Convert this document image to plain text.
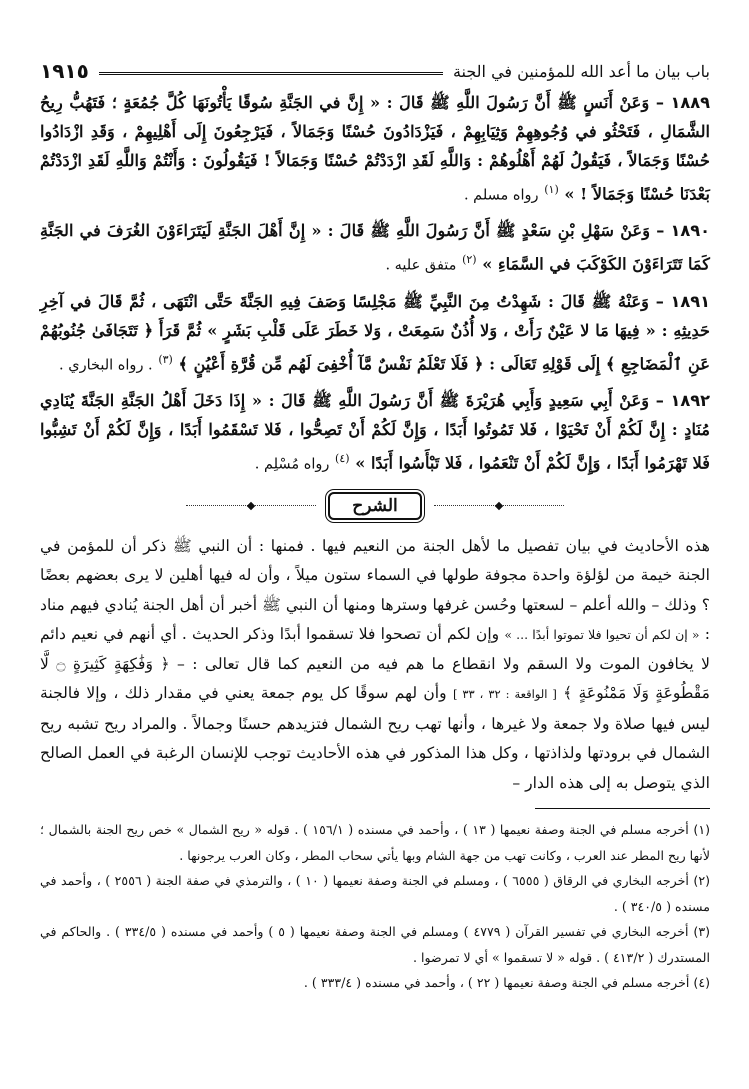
باب بيان ما أعد الله للمؤمنين في الجنة
١٩١٥

١٨٨٩ – وَعَنْ أَنَسٍ ﷺ أَنَّ رَسُولَ اللَّهِ ﷺ قَالَ : « إِنَّ في الجَنَّةِ سُوقًا يَأْتُونَهَا كُلَّ جُمُعَةٍ ؛ فَتَهُبُّ رِيحُ الشَّمَالِ ، فَتَحْثُو في وُجُوهِهِمْ وَثِيَابِهِمْ ، فَيَزْدَادُونَ حُسْنًا وَجَمَالاً ، فَيَرْجِعُونَ إِلَى أَهْلِيهِمْ ، وَقَدِ ازْدَادُوا حُسْنًا وَجَمَالاً ، فَيَقُولُ لَهُمْ أَهْلُوهُمْ : وَاللَّهِ لَقَدِ ازْدَدْتُمْ حُسْنًا وَجَمَالاً ! فَيَقُولُونَ : وَأَنْتُمْ وَاللَّهِ لَقَدِ ازْدَدْتُمْ بَعْدَنَا حُسْنًا وَجَمَالاً ! » $^{(١)}$ رواه مسلم .

١٨٩٠ – وَعَنْ سَهْلِ بْنِ سَعْدٍ ﷺ أَنَّ رَسُولَ اللَّهِ ﷺ قَالَ : « إِنَّ أَهْلَ الجَنَّةِ لَيَتَرَاءَوْنَ الغُرَفَ في الجَنَّةِ كَمَا تَتَرَاءَوْنَ الكَوْكَبَ في السَّمَاءِ » $^{(٢)}$ متفق عليه .

١٨٩١ – وَعَنْهُ ﷺ قَالَ : شَهِدْتُ مِنَ النَّبِيِّ ﷺ مَجْلِسًا وَصَفَ فِيهِ الجَنَّةَ حَتَّى انْتَهَى ، ثُمَّ قَالَ في آخِرِ حَدِيثِهِ : « فِيهَا مَا لا عَيْنٌ رَأَتْ ، وَلا أُذُنٌ سَمِعَتْ ، وَلا خَطَرَ عَلَى قَلْبِ بَشَرٍ » ثُمَّ قَرَأَ ﴿ تَتَجَافَىٰ جُنُوبُهُمْ عَنِ ٱلْمَضَاجِعِ ﴾ إِلَى قَوْلِهِ تَعَالَى : ﴿ فَلَا تَعْلَمُ نَفْسٌ مَّآ أُخْفِىَ لَهُم مِّن قُرَّةِ أَعْيُنٍ ﴾ $^{(٣)}$ . رواه البخاري .

١٨٩٢ – وَعَنْ أَبِي سَعِيدٍ وَأَبِي هُرَيْرَةَ ﷺ أَنَّ رَسُولَ اللَّهِ ﷺ قَالَ : « إِذَا دَخَلَ أَهْلُ الجَنَّةِ الجَنَّةَ يُنَادِي مُنَادٍ : إِنَّ لَكُمْ أَنْ تَحْيَوْا ، فَلا تَمُوتُوا أَبَدًا ، وَإِنَّ لَكُمْ أَنْ تَصِحُّوا ، فَلا تَسْقَمُوا أَبَدًا ، وَإِنَّ لَكُمْ أَنْ تَشِبُّوا فَلا تَهْرَمُوا أَبَدًا ، وَإِنَّ لَكُمْ أَنْ تَنْعَمُوا ، فَلا تَبْأَسُوا أَبَدًا » $^{(٤)}$ رواه مُسْلِم .

الشرح

هذه الأحاديث في بيان تفصيل ما لأهل الجنة من النعيم فيها . فمنها : أن النبي ﷺ ذكر أن للمؤمن في الجنة خيمة من لؤلؤة واحدة مجوفة طولها في السماء ستون ميلاً ، وأن له فيها أهلين لا يرى بعضهم بعضًا ؟ وذلك – والله أعلم – لسعتها وحُسن غرفها وسترها ومنها أن النبي ﷺ أخبر أن أهل الجنة يُنادي فيهم مناد : « إن لكم أن تحيوا فلا تموتوا أبدًا ... » وإن لكم أن تصحوا فلا تسقموا أبدًا وذكر الحديث . أي أنهم في نعيم دائم لا يخافون الموت ولا السقم ولا انقطاع ما هم فيه من النعيم كما قال تعالى : – ﴿ وَفَٰكِهَةٍ كَثِيرَةٍ ۝ لَّا مَقْطُوعَةٍ وَلَا مَمْنُوعَةٍ ﴾ [ الواقعة : ٣٢ ، ٣٣ ] وأن لهم سوقًا كل يوم جمعة يعني في مقدار ذلك ، وإلا فالجنة ليس فيها صلاة ولا جمعة ولا غيرها ، وأنها تهب ريح الشمال فتزيدهم حسنًا وجمالاً . والمراد ريح تشبه ريح الشمال في برودتها ولذاذتها ، وكل هذا المذكور في هذه الأحاديث توجب للإنسان الرغبة في العمل الصالح الذي يتوصل به إلى هذه الدار –

(١) أخرجه مسلم في الجنة وصفة نعيمها ( ١٣ ) ، وأحمد في مسنده ( ١٥٦/١ ) . قوله « ريح الشمال » خص ريح الجنة بالشمال ؛ لأنها ريح المطر عند العرب ، وكانت تهب من جهة الشام وبها يأتي سحاب المطر ، وكان العرب يرجونها .

(٢) أخرجه البخاري في الرقاق ( ٦٥٥٥ ) ، ومسلم في الجنة وصفة نعيمها ( ١٠ ) ، والترمذي في صفة الجنة ( ٢٥٥٦ ) ، وأحمد في مسنده ( ٣٤٠/٥ ) .

(٣) أخرجه البخاري في تفسير القرآن ( ٤٧٧٩ ) ومسلم في الجنة وصفة نعيمها ( ٥ ) وأحمد في مسنده ( ٣٣٤/٥ ) . والحاكم في المستدرك ( ٤١٣/٢ ) . قوله « لا تسقموا » أي لا تمرضوا .

(٤) أخرجه مسلم في الجنة وصفة نعيمها ( ٢٢ ) ، وأحمد في مسنده ( ٣٣٣/٤ ) .
